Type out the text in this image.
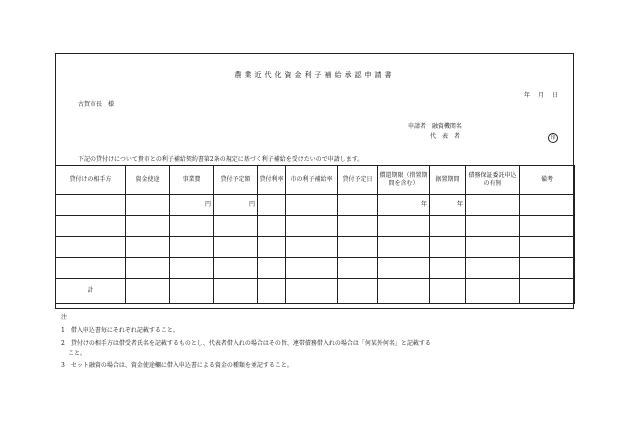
農業近代化資金利子補給承認申請書
年　月　日
古賀市長　様
申請者 融資機関名
代表者	印
下記の貸付けについて貴市との利子補給契約書第2条の規定に基づく利子補給を受けたいので申請します。
貸付けの相手方	資金使途	事業費	貸付予定額	貸付利率	市の利子補給率	貸付予定日	償還期限（措置期間を含む）	据置期間	債務保証委託申込の有無	備考
		円	円				年	年		

計										
注
1　借入申込書毎にそれぞれ記載すること。
2　貸付けの相手方は借受者氏名を記載するものとし、代表者借入れの場合はその旨、連帯債務借入れの場合は「何某外何名」と記載する
こと。
3　セット融資の場合は、資金使途欄に借入申込書による資金の種類を並記すること。
